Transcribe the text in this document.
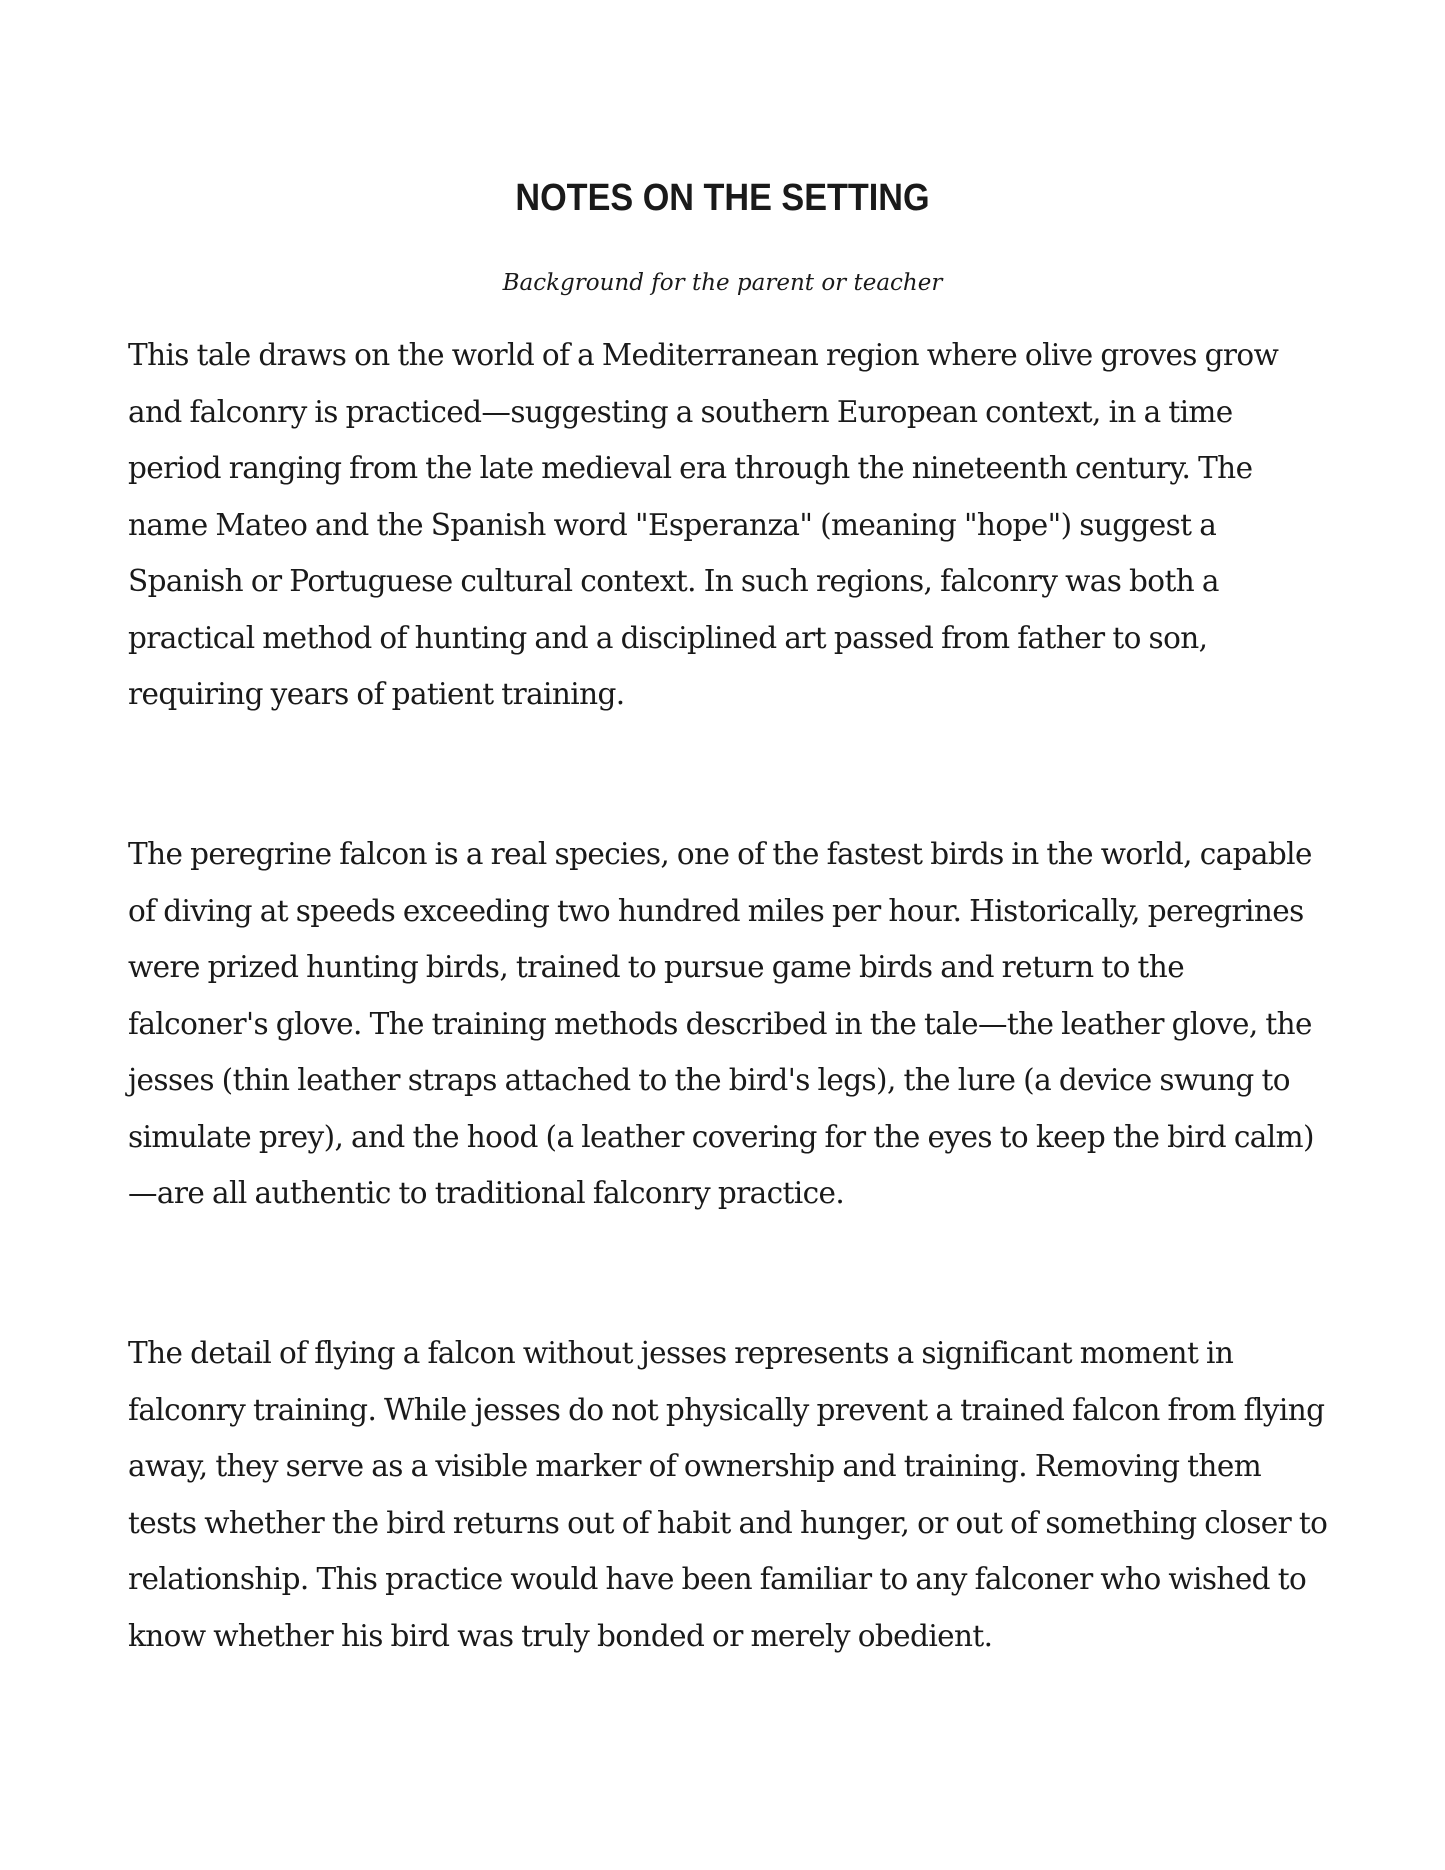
NOTES ON THE SETTING
Background for the parent or teacher

This tale draws on the world of a Mediterranean region where olive groves grow and falconry is practiced—suggesting a southern European context, in a time period ranging from the late medieval era through the nineteenth century. The name Mateo and the Spanish word "Esperanza" (meaning "hope") suggest a Spanish or Portuguese cultural context. In such regions, falconry was both a practical method of hunting and a disciplined art passed from father to son, requiring years of patient training.

The peregrine falcon is a real species, one of the fastest birds in the world, capable of diving at speeds exceeding two hundred miles per hour. Historically, peregrines were prized hunting birds, trained to pursue game birds and return to the falconer's glove. The training methods described in the tale—the leather glove, the jesses (thin leather straps attached to the bird's legs), the lure (a device swung to simulate prey), and the hood (a leather covering for the eyes to keep the bird calm)—are all authentic to traditional falconry practice.

The detail of flying a falcon without jesses represents a significant moment in falconry training. While jesses do not physically prevent a trained falcon from flying away, they serve as a visible marker of ownership and training. Removing them tests whether the bird returns out of habit and hunger, or out of something closer to relationship. This practice would have been familiar to any falconer who wished to know whether his bird was truly bonded or merely obedient.
